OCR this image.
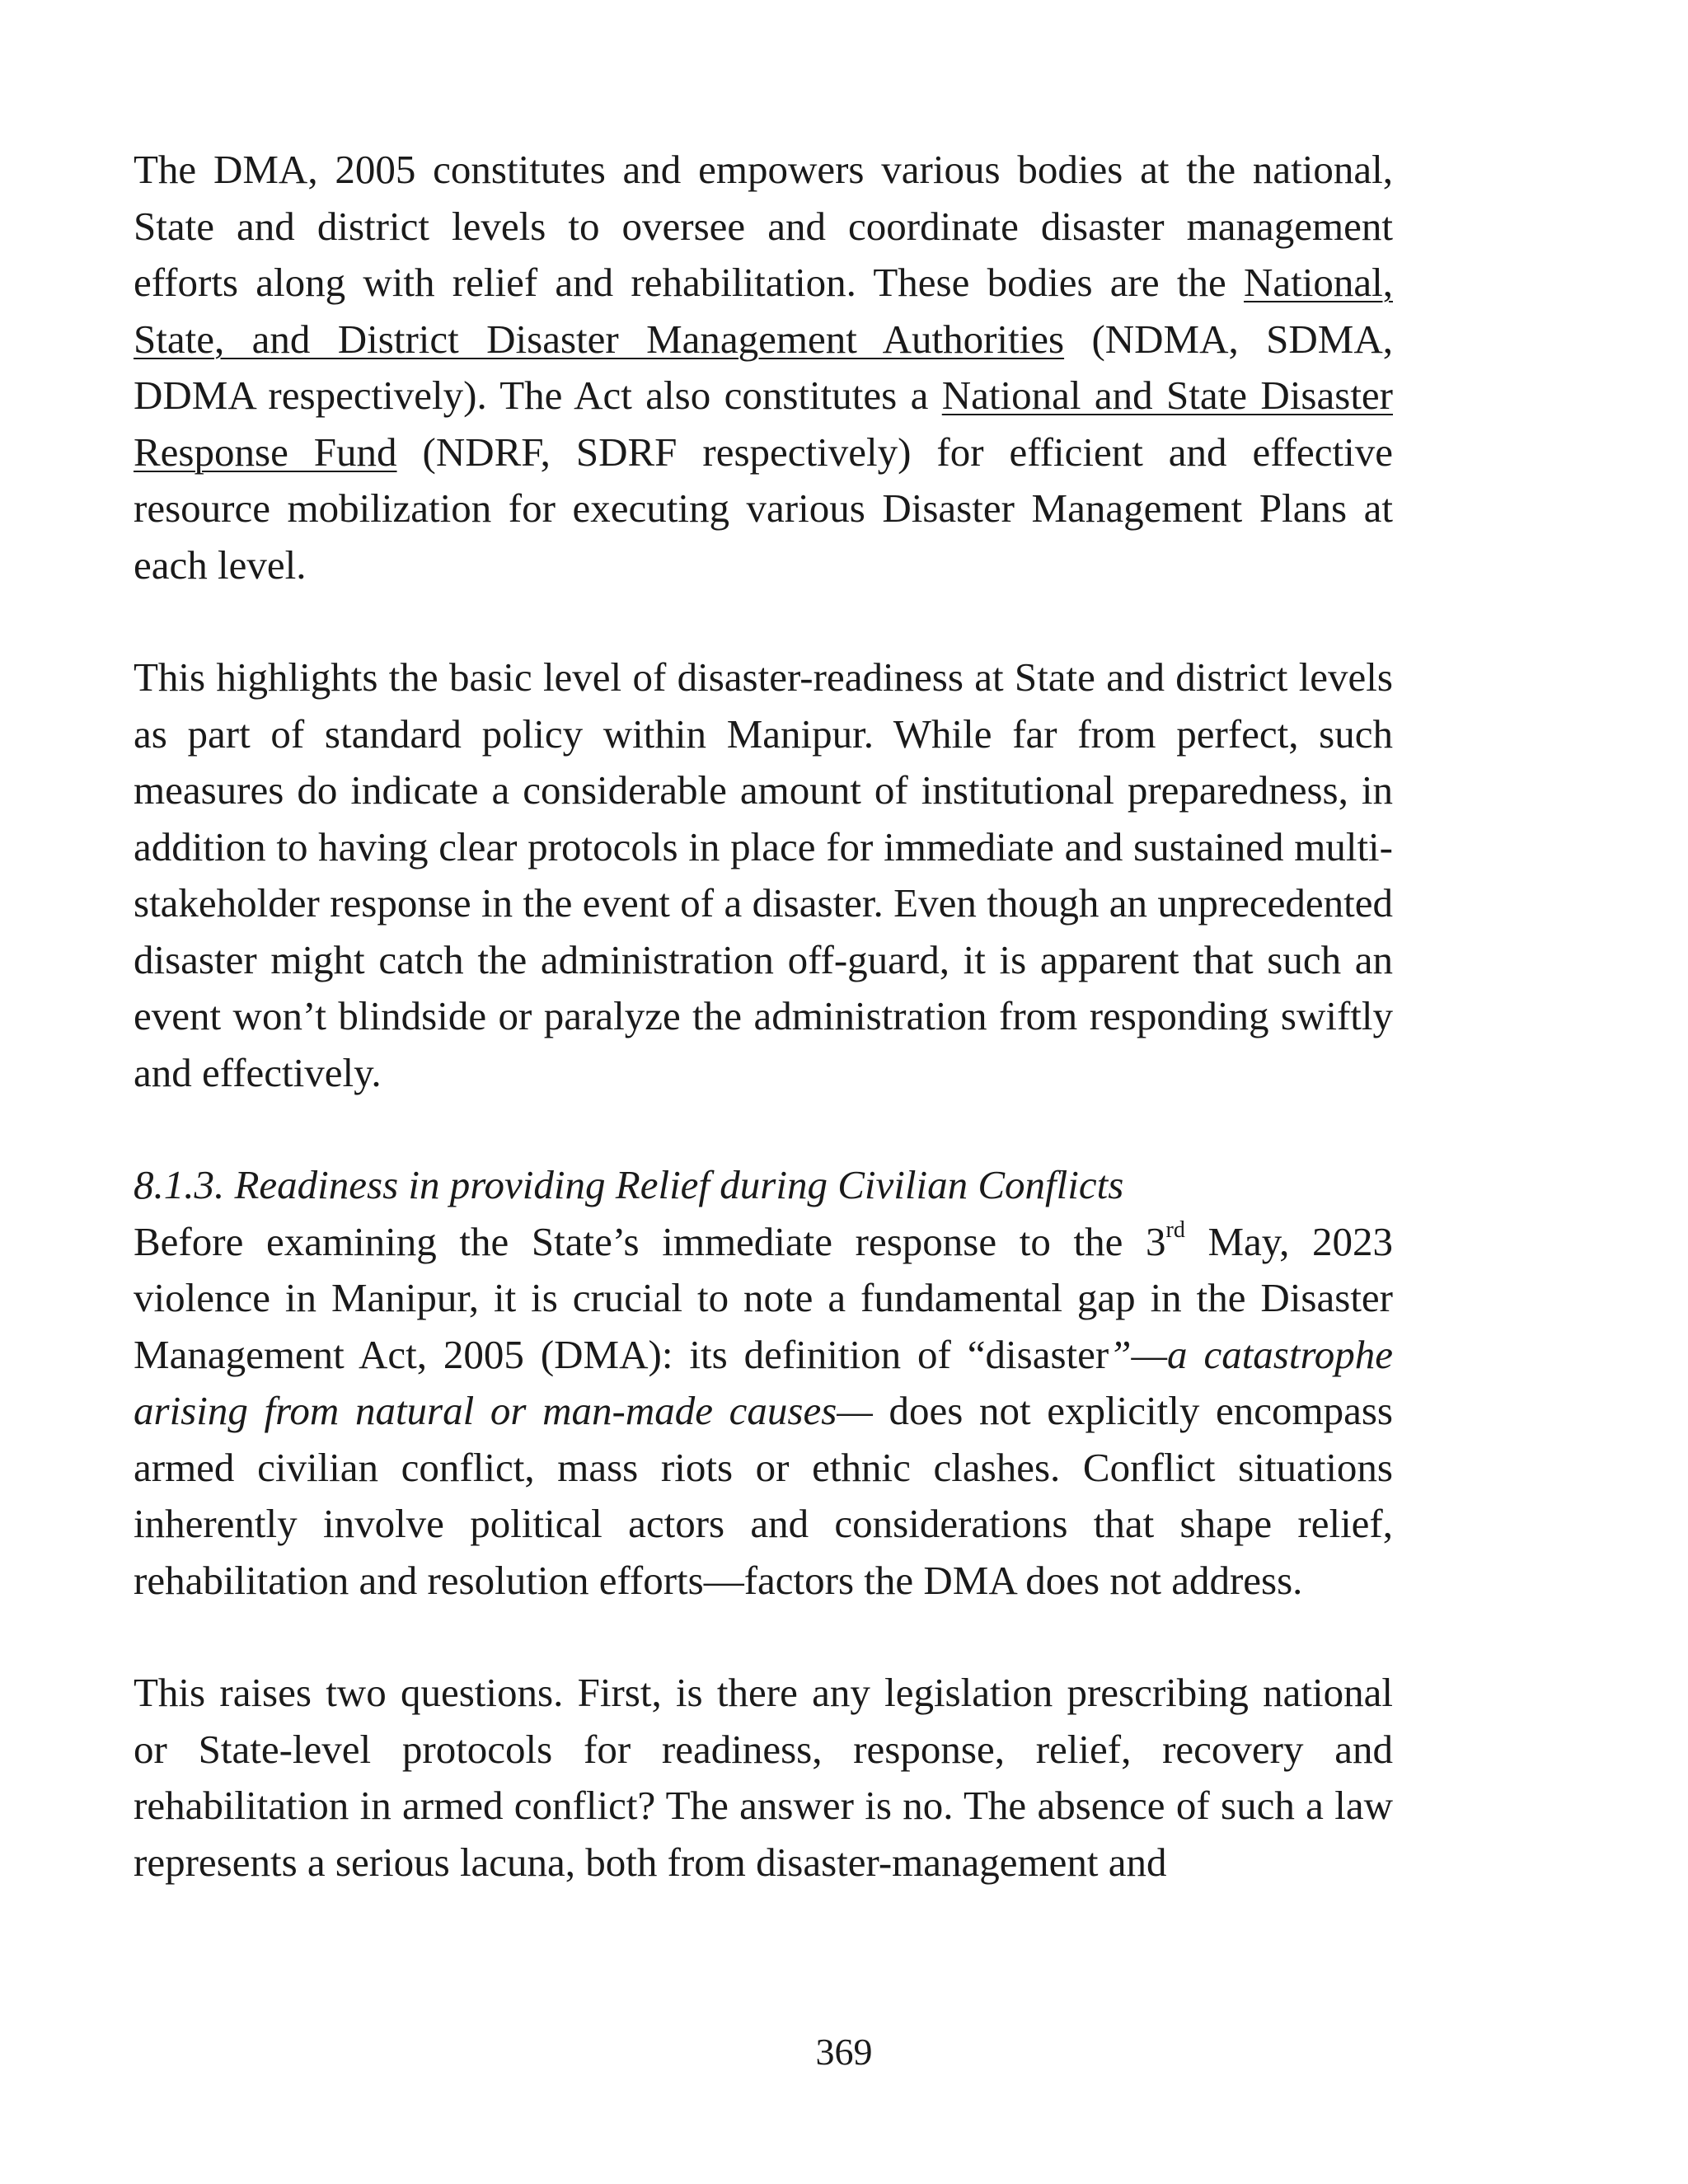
The DMA, 2005 constitutes and empowers various bodies at the national, State and district levels to oversee and coordinate disaster management efforts along with relief and rehabilitation. These bodies are the National, State, and District Disaster Management Authorities (NDMA, SDMA, DDMA respectively). The Act also constitutes a National and State Disaster Response Fund (NDRF, SDRF respectively) for efficient and effective resource mobilization for executing various Disaster Management Plans at each level.

This highlights the basic level of disaster-readiness at State and district levels as part of standard policy within Manipur. While far from perfect, such measures do indicate a considerable amount of institutional preparedness, in addition to having clear protocols in place for immediate and sustained multi-stakeholder response in the event of a disaster. Even though an unprecedented disaster might catch the administration off-guard, it is apparent that such an event won’t blindside or paralyze the administration from responding swiftly and effectively.

8.1.3. Readiness in providing Relief during Civilian Conflicts

Before examining the State’s immediate response to the 3rd May, 2023 violence in Manipur, it is crucial to note a fundamental gap in the Disaster Management Act, 2005 (DMA): its definition of “disaster”—a catastrophe arising from natural or man-made causes— does not explicitly encompass armed civilian conflict, mass riots or ethnic clashes. Conflict situations inherently involve political actors and considerations that shape relief, rehabilitation and resolution efforts—factors the DMA does not address.

This raises two questions. First, is there any legislation prescribing national or State-level protocols for readiness, response, relief, recovery and rehabilitation in armed conflict? The answer is no. The absence of such a law represents a serious lacuna, both from disaster-management and

369
